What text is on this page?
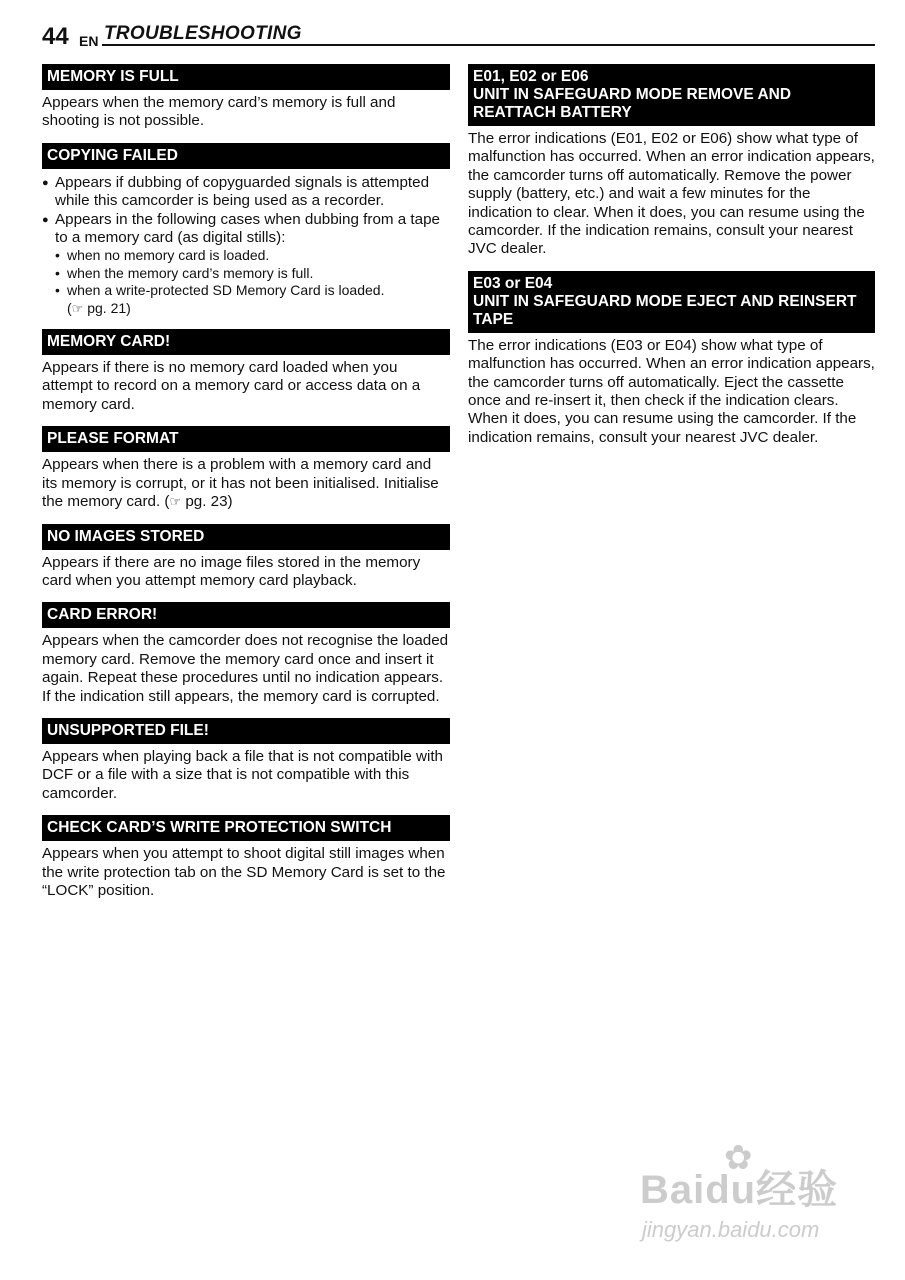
44 EN TROUBLESHOOTING
MEMORY IS FULL

Appears when the memory card’s memory is full and shooting is not possible.

COPYING FAILED
● Appears if dubbing of copyguarded signals is attempted while this camcorder is being used as a recorder.
● Appears in the following cases when dubbing from a tape to a memory card (as digital stills):
• when no memory card is loaded.
• when the memory card’s memory is full.
• when a write-protected SD Memory Card is loaded.
(☞ pg. 21)
MEMORY CARD!

Appears if there is no memory card loaded when you attempt to record on a memory card or access data on a memory card.

PLEASE FORMAT

Appears when there is a problem with a memory card and its memory is corrupt, or it has not been initialised. Initialise the memory card. (☞ pg. 23)

NO IMAGES STORED

Appears if there are no image files stored in the memory card when you attempt memory card playback.

CARD ERROR!

Appears when the camcorder does not recognise the loaded memory card. Remove the memory card once and insert it again. Repeat these procedures until no indication appears. If the indication still appears, the memory card is corrupted.

UNSUPPORTED FILE!

Appears when playing back a file that is not compatible with DCF or a file with a size that is not compatible with this camcorder.

CHECK CARD’S WRITE PROTECTION SWITCH

Appears when you attempt to shoot digital still images when the write protection tab on the SD Memory Card is set to the “LOCK” position.

E01, E02 or E06
UNIT IN SAFEGUARD MODE REMOVE AND
REATTACH BATTERY

The error indications (E01, E02 or E06) show what type of malfunction has occurred. When an error indication appears, the camcorder turns off automatically. Remove the power supply (battery, etc.) and wait a few minutes for the indication to clear. When it does, you can resume using the camcorder. If the indication remains, consult your nearest JVC dealer.

E03 or E04
UNIT IN SAFEGUARD MODE EJECT AND REINSERT
TAPE

The error indications (E03 or E04) show what type of malfunction has occurred. When an error indication appears, the camcorder turns off automatically. Eject the cassette once and re-insert it, then check if the indication clears. When it does, you can resume using the camcorder. If the indication remains, consult your nearest JVC dealer.

✿
Baidu经验
jingyan.baidu.com
